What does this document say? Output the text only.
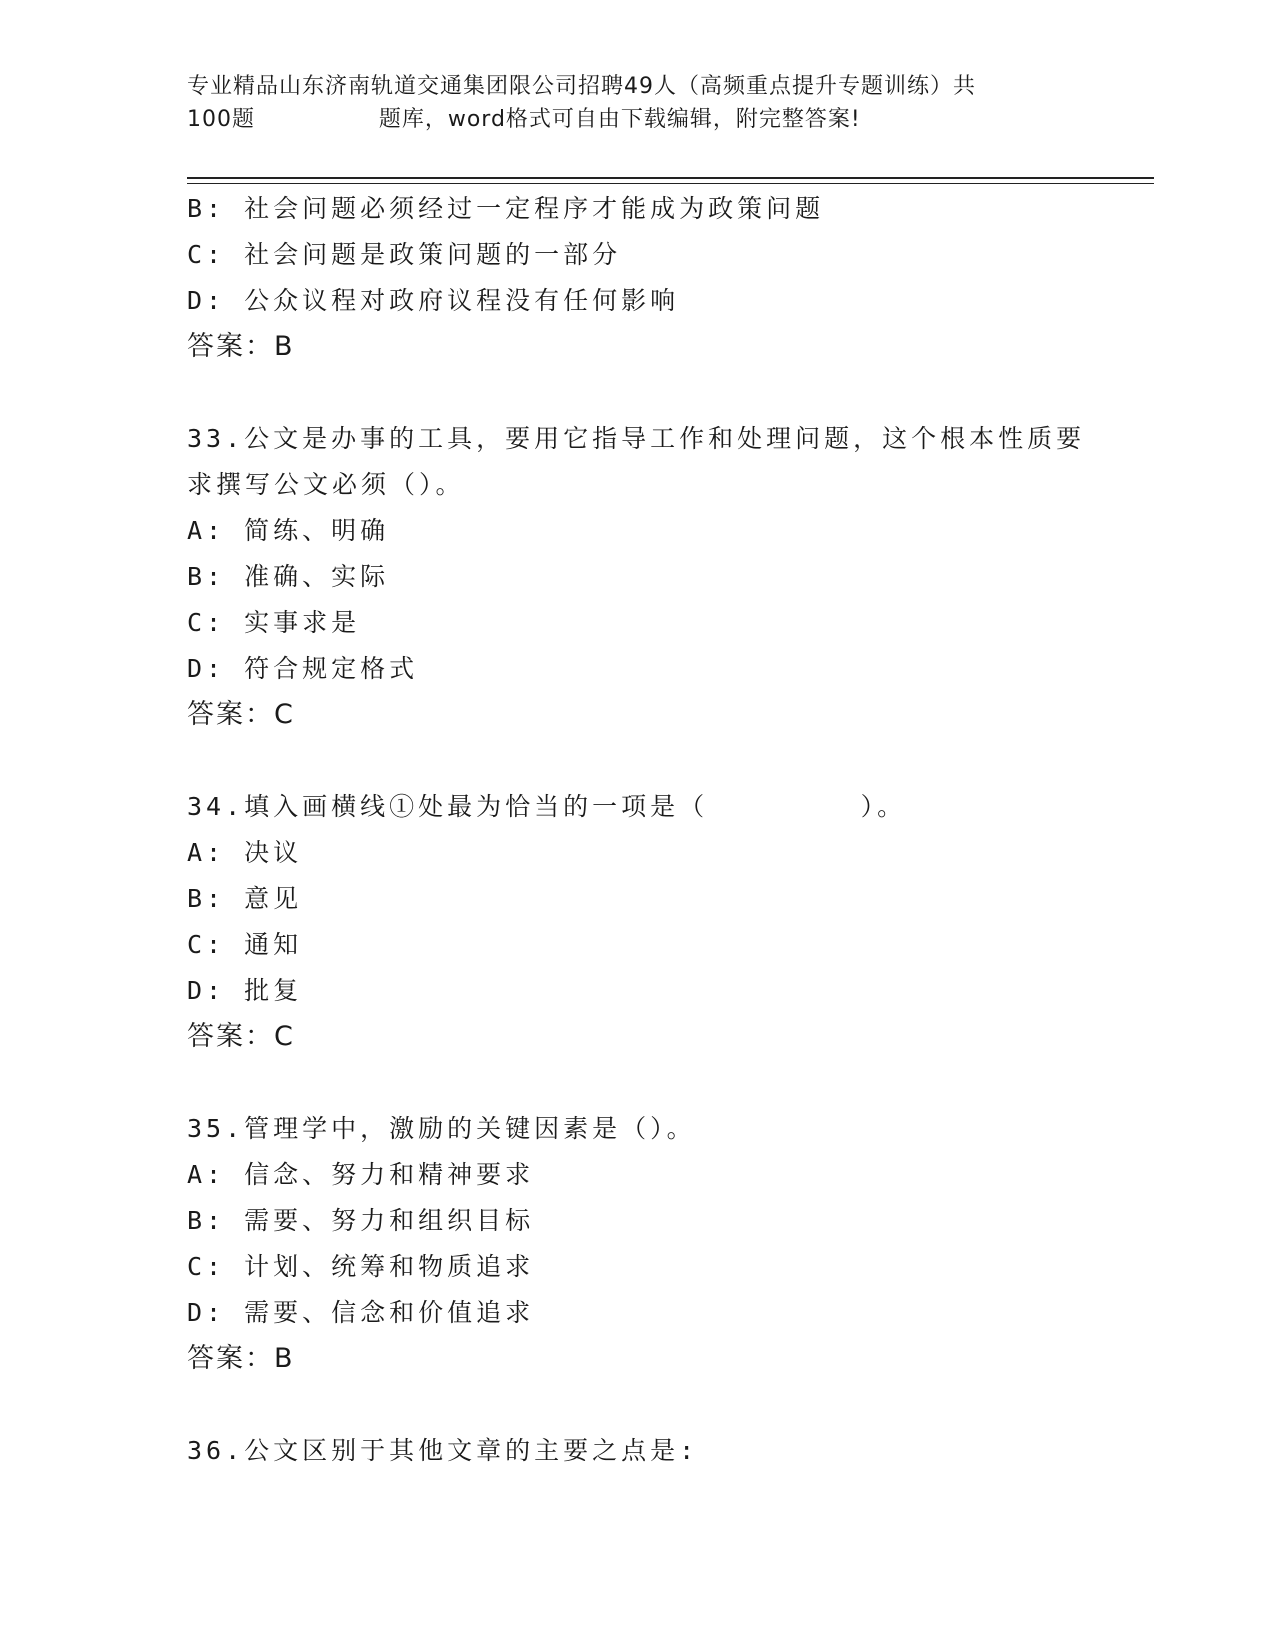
专业精品山东济南轨道交通集团限公司招聘49人（高频重点提升专题训练）共
100题		题库，word格式可自由下载编辑，附完整答案!
B: 社会问题必须经过一定程序才能成为政策问题
C: 社会问题是政策问题的一部分
D: 公众议程对政府议程没有任何影响
答案：B
33.公文是办事的工具，要用它指导工作和处理问题，这个根本性质要
求撰写公文必须（）。
A: 简练、明确
B: 准确、实际
C: 实事求是
D: 符合规定格式
答案：C
34.填入画横线①处最为恰当的一项是（        ）。
A: 决议
B: 意见
C: 通知
D: 批复
答案：C
35.管理学中，激励的关键因素是（）。
A: 信念、努力和精神要求
B: 需要、努力和组织目标
C: 计划、统筹和物质追求
D: 需要、信念和价值追求
答案：B
36.公文区别于其他文章的主要之点是:
